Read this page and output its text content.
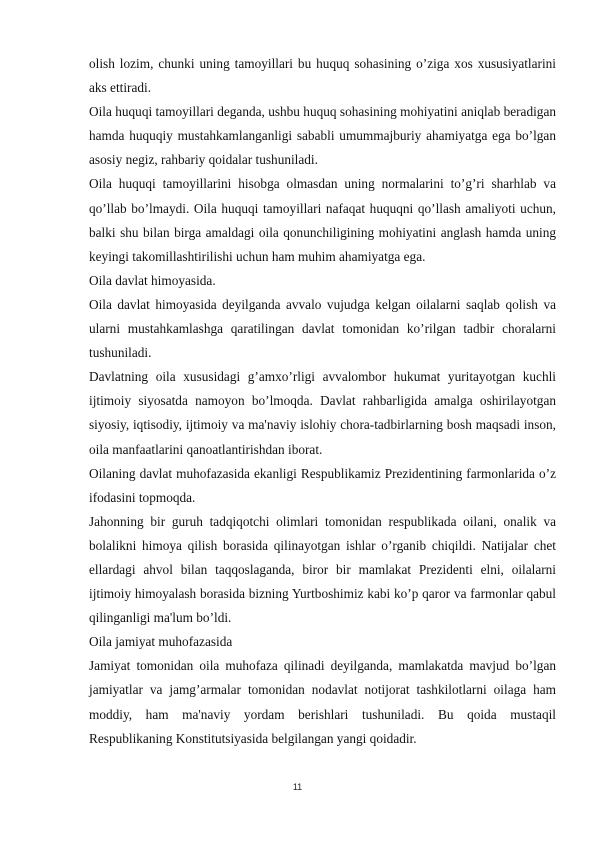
olish lozim, chunki uning tamoyillari bu huquq sohasining o’ziga xos xususiyatlarini aks ettiradi.

Oila huquqi tamoyillari deganda, ushbu huquq sohasining mohiyatini aniqlab beradigan hamda huquqiy mustahkamlanganligi sababli umummajburiy ahamiyatga ega bo’lgan asosiy negiz, rahbariy qoidalar tushuniladi.

Oila huquqi tamoyillarini hisobga olmasdan uning normalarini to’g’ri sharhlab va qo’llab bo’lmaydi. Oila huquqi tamoyillari nafaqat huquqni qo’llash amaliyoti uchun, balki shu bilan birga amaldagi oila qonunchiligining mohiyatini anglash hamda uning keyingi takomillashtirilishi uchun ham muhim ahamiyatga ega.

Oila davlat himoyasida.

Oila davlat himoyasida deyilganda avvalo vujudga kelgan oilalarni saqlab qolish va ularni mustahkamlashga qaratilingan davlat tomonidan ko’rilgan tadbir choralarni tushuniladi.

Davlatning oila xususidagi g’amxo’rligi avvalombor hukumat yuritayotgan kuchli ijtimoiy siyosatda namoyon bo’lmoqda. Davlat rahbarligida amalga oshirilayotgan siyosiy, iqtisodiy, ijtimoiy va ma'naviy islohiy chora-tadbirlarning bosh maqsadi inson, oila manfaatlarini qanoatlantirishdan iborat.

Oilaning davlat muhofazasida ekanligi Respublikamiz Prezidentining farmonlarida o’z ifodasini topmoqda.

Jahonning bir guruh tadqiqotchi olimlari tomonidan respublikada oilani, onalik va bolalikni himoya qilish borasida qilinayotgan ishlar o’rganib chiqildi. Natijalar chet ellardagi ahvol bilan taqqoslaganda, biror bir mamlakat Prezidenti elni, oilalarni ijtimoiy himoyalash borasida bizning Yurtboshimiz kabi ko’p qaror va farmonlar qabul qilinganligi ma'lum bo’ldi.

Oila jamiyat muhofazasida

Jamiyat tomonidan oila muhofaza qilinadi deyilganda, mamlakatda mavjud bo’lgan jamiyatlar va jamg’armalar tomonidan nodavlat notijorat tashkilotlarni oilaga ham moddiy, ham ma'naviy yordam berishlari tushuniladi. Bu qoida mustaqil Respublikaning Konstitutsiyasida belgilangan yangi qoidadir.

11
